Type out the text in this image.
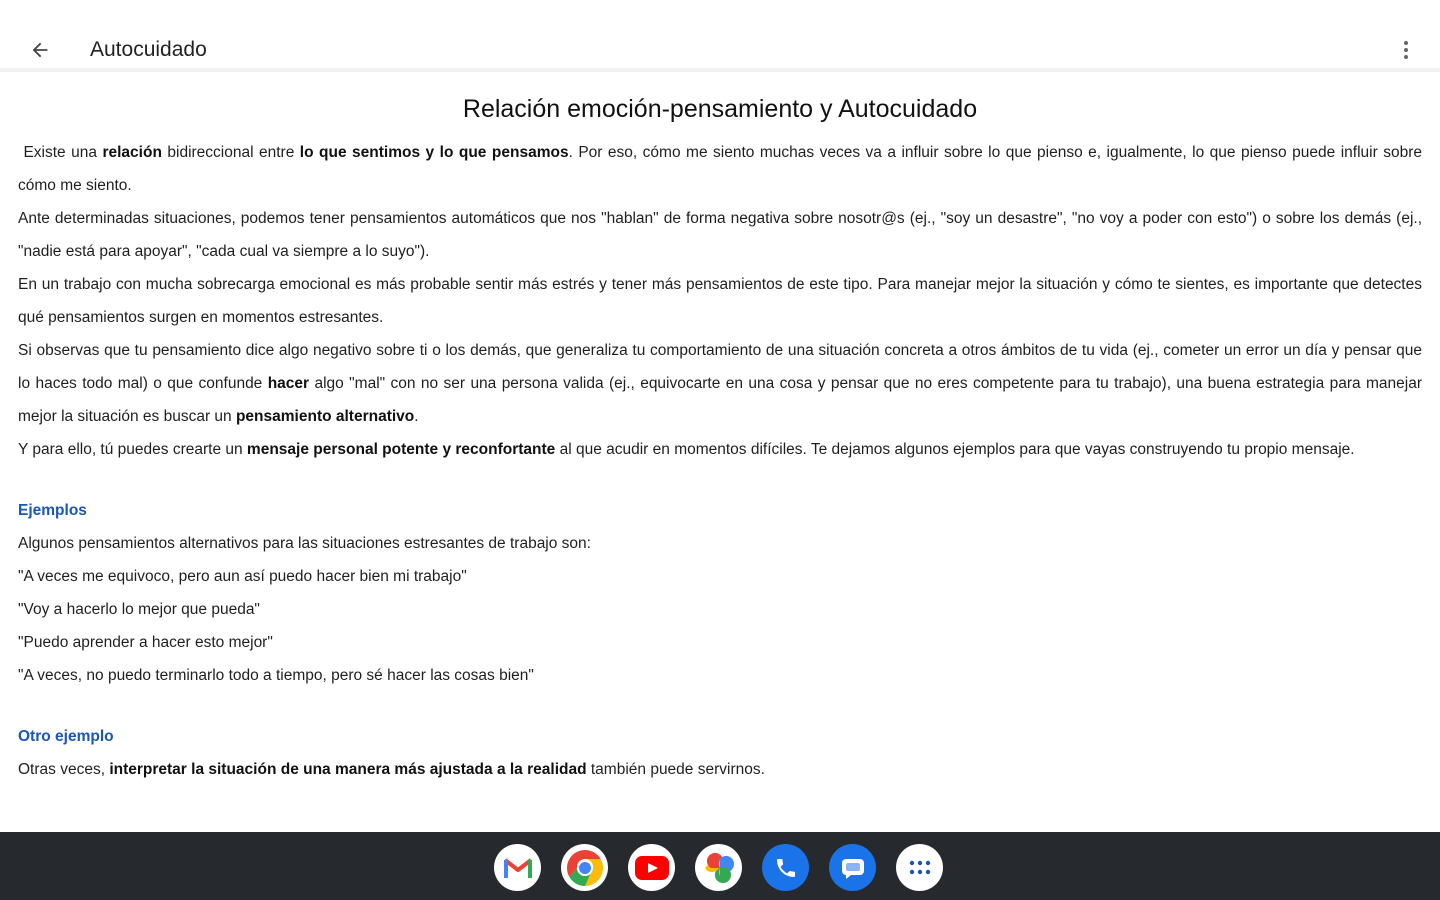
Autocuidado
Relación emoción-pensamiento y Autocuidado

Existe una relación bidireccional entre lo que sentimos y lo que pensamos. Por eso, cómo me siento muchas veces va a influir sobre lo que pienso e, igualmente, lo que pienso puede influir sobre cómo me siento.

Ante determinadas situaciones, podemos tener pensamientos automáticos que nos "hablan" de forma negativa sobre nosotr@s (ej., "soy un desastre", "no voy a poder con esto") o sobre los demás (ej., "nadie está para apoyar", "cada cual va siempre a lo suyo").

En un trabajo con mucha sobrecarga emocional es más probable sentir más estrés y tener más pensamientos de este tipo. Para manejar mejor la situación y cómo te sientes, es importante que detectes qué pensamientos surgen en momentos estresantes.

Si observas que tu pensamiento dice algo negativo sobre ti o los demás, que generaliza tu comportamiento de una situación concreta a otros ámbitos de tu vida (ej., cometer un error un día y pensar que lo haces todo mal) o que confunde hacer algo "mal" con no ser una persona valida (ej., equivocarte en una cosa y pensar que no eres competente para tu trabajo), una buena estrategia para manejar mejor la situación es buscar un pensamiento alternativo.

Y para ello, tú puedes crearte un mensaje personal potente y reconfortante al que acudir en momentos difíciles. Te dejamos algunos ejemplos para que vayas construyendo tu propio mensaje.

Ejemplos

Algunos pensamientos alternativos para las situaciones estresantes de trabajo son:

"A veces me equivoco, pero aun así puedo hacer bien mi trabajo"

"Voy a hacerlo lo mejor que pueda"

"Puedo aprender a hacer esto mejor"

"A veces, no puedo terminarlo todo a tiempo, pero sé hacer las cosas bien"

Otro ejemplo

Otras veces, interpretar la situación de una manera más ajustada a la realidad también puede servirnos.
